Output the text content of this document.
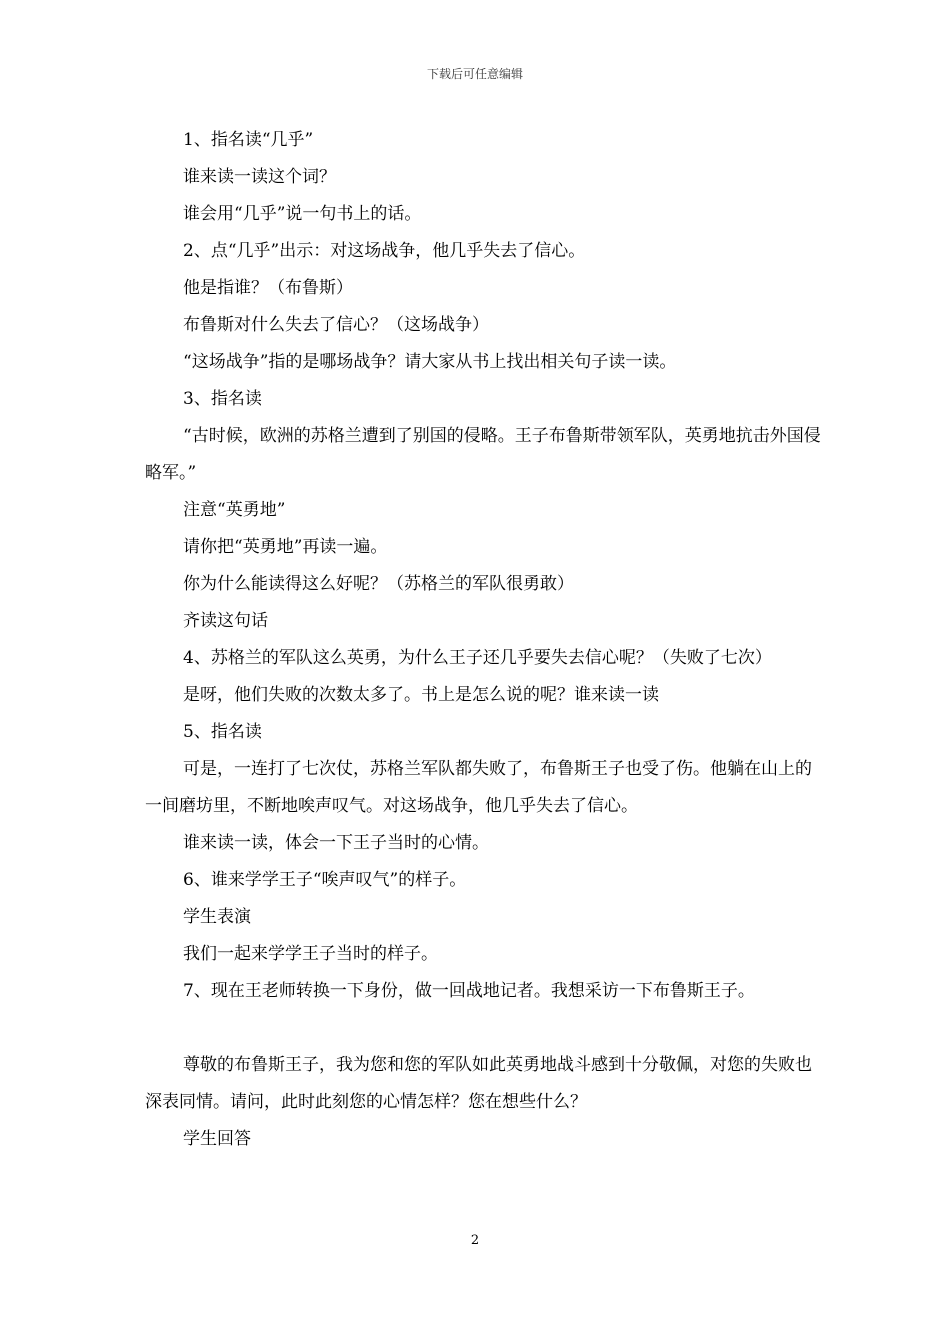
下载后可任意编辑

1、指名读“几乎”

谁来读一读这个词？

谁会用“几乎”说一句书上的话。

2、点“几乎”出示：对这场战争，他几乎失去了信心。

他是指谁？（布鲁斯）

布鲁斯对什么失去了信心？（这场战争）

“这场战争”指的是哪场战争？请大家从书上找出相关句子读一读。

3、指名读

“古时候，欧洲的苏格兰遭到了别国的侵略。王子布鲁斯带领军队，英勇地抗击外国侵略军。”

注意“英勇地”

请你把“英勇地”再读一遍。

你为什么能读得这么好呢？（苏格兰的军队很勇敢）

齐读这句话

4、苏格兰的军队这么英勇，为什么王子还几乎要失去信心呢？（失败了七次）

是呀，他们失败的次数太多了。书上是怎么说的呢？谁来读一读

5、指名读

可是，一连打了七次仗，苏格兰军队都失败了，布鲁斯王子也受了伤。他躺在山上的一间磨坊里，不断地唉声叹气。对这场战争，他几乎失去了信心。

谁来读一读，体会一下王子当时的心情。

6、谁来学学王子“唉声叹气”的样子。

学生表演

我们一起来学学王子当时的样子。

7、现在王老师转换一下身份，做一回战地记者。我想采访一下布鲁斯王子。

尊敬的布鲁斯王子，我为您和您的军队如此英勇地战斗感到十分敬佩，对您的失败也深表同情。请问，此时此刻您的心情怎样？您在想些什么？

学生回答

2
